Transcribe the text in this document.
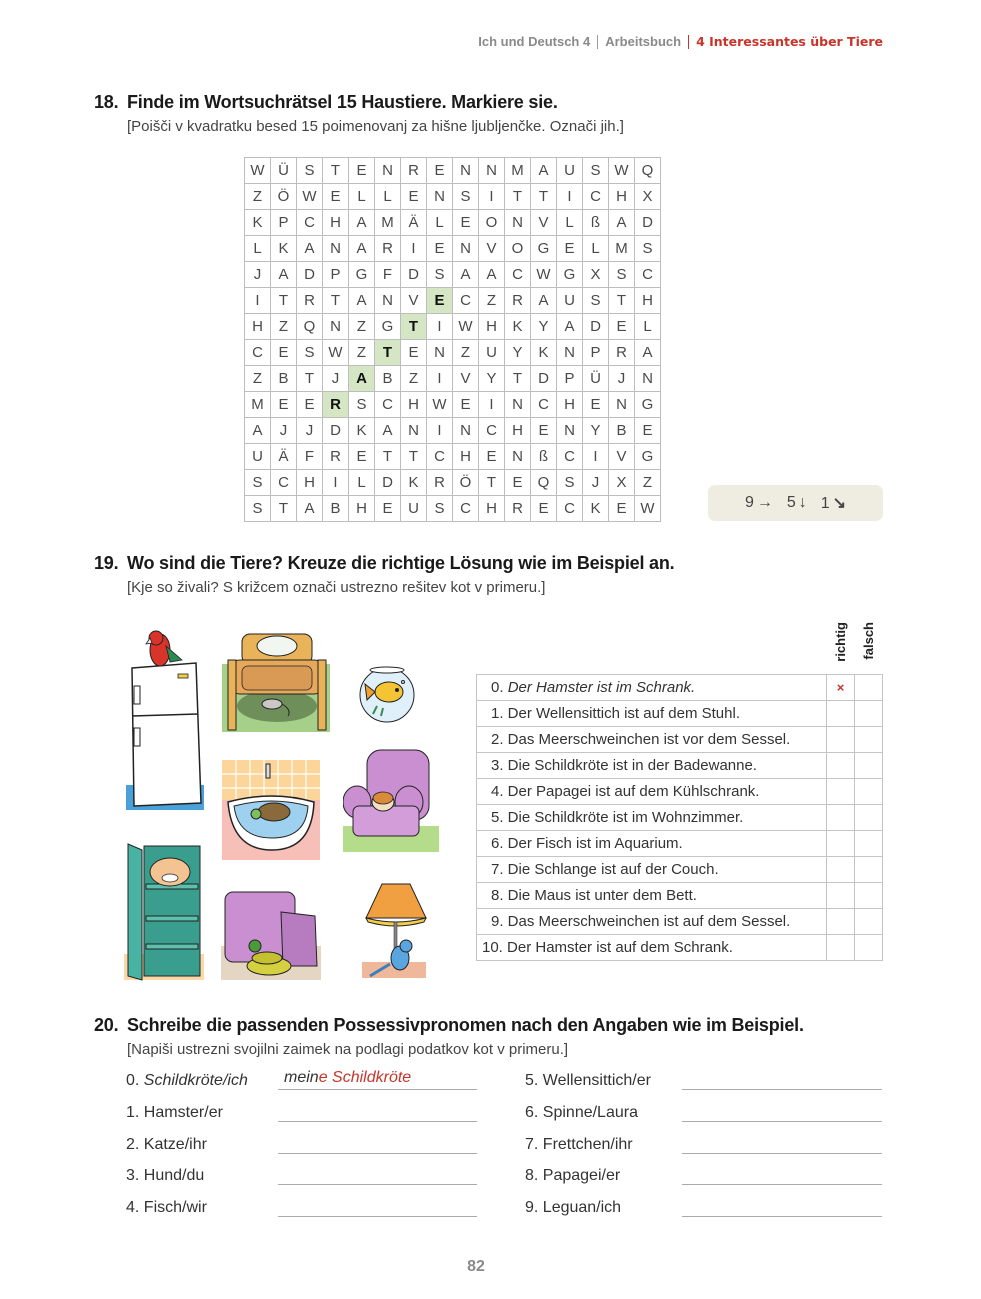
Ich und Deutsch 4 Arbeitsbuch 4 Interessantes über Tiere
18. Finde im Wortsuchrätsel 15 Haustiere. Markiere sie.
[Poišči v kvadratku besed 15 poimenovanj za hišne ljubljenčke. Označi jih.]
W	Ü	S	T	E	N	R	E	N	N	M	A	U	S	W	Q
Z	Ö	W	E	L	L	E	N	S	I	T	T	I	C	H	X
K	P	C	H	A	M	Ä	L	E	O	N	V	L	ß	A	D
L	K	A	N	A	R	I	E	N	V	O	G	E	L	M	S
J	A	D	P	G	F	D	S	A	A	C	W	G	X	S	C
I	T	R	T	A	N	V	E	C	Z	R	A	U	S	T	H
H	Z	Q	N	Z	G	T	I	W	H	K	Y	A	D	E	L
C	E	S	W	Z	T	E	N	Z	U	Y	K	N	P	R	A
Z	B	T	J	A	B	Z	I	V	Y	T	D	P	Ü	J	N
M	E	E	R	S	C	H	W	E	I	N	C	H	E	N	G
A	J	J	D	K	A	N	I	N	C	H	E	N	Y	B	E
U	Ä	F	R	E	T	T	C	H	E	N	ß	C	I	V	G
S	C	H	I	L	D	K	R	Ö	T	E	Q	S	J	X	Z
S	T	A	B	H	E	U	S	C	H	R	E	C	K	E	W	9 → 5 ↓ 1 ↘
19. Wo sind die Tiere? Kreuze die richtige Lösung wie im Beispiel an.
[Kje so živali? S križcem označi ustrezno rešitev kot v primeru.]
richtig falsch
0. Der Hamster ist im Schrank.	×	
1. Der Wellensittich ist auf dem Stuhl.		
2. Das Meerschweinchen ist vor dem Sessel.		
3. Die Schildkröte ist in der Badewanne.		
4. Der Papagei ist auf dem Kühlschrank.		
5. Die Schildkröte ist im Wohnzimmer.		
6. Der Fisch ist im Aquarium.		
7. Die Schlange ist auf der Couch.		
8. Die Maus ist unter dem Bett.		
9. Das Meerschweinchen ist auf dem Sessel.		
10. Der Hamster ist auf dem Schrank.		
20. Schreibe die passenden Possessivpronomen nach den Angaben wie im Beispiel.
[Napiši ustrezni svojilni zaimek na podlagi podatkov kot v primeru.]
0. Schildkröte/ich	meine Schildkröte
1. Hamster/er
2. Katze/ihr
3. Hund/du
4. Fisch/wir
5. Wellensittich/er
6. Spinne/Laura
7. Frettchen/ihr
8. Papagei/er
9. Leguan/ich
82
